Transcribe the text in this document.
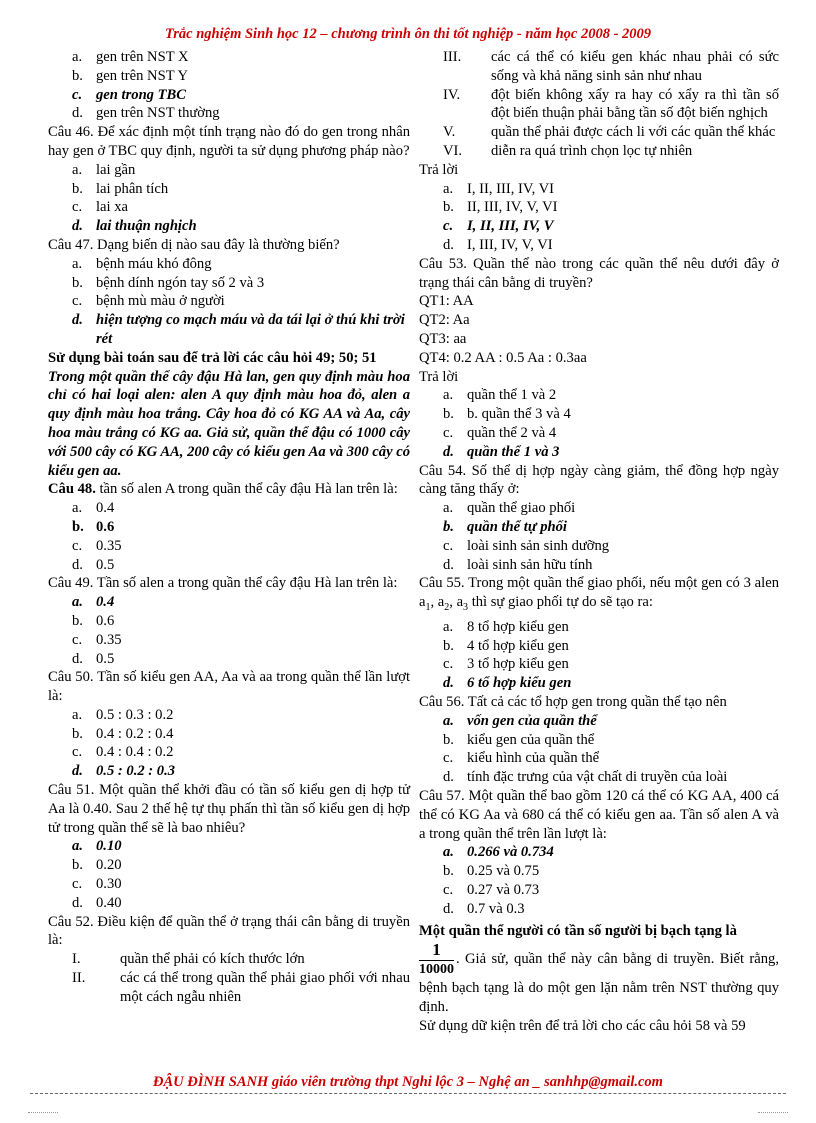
Trắc nghiệm Sinh học 12 – chương trình ôn thi tốt nghiệp - năm học 2008 - 2009
a. gen trên NST X
b. gen trên NST Y
c. gen trong TBC
d. gen trên NST thường

Câu 46. Để xác định một tính trạng nào đó do gen trong nhân hay gen ở TBC quy định, người ta sử dụng phương pháp nào?

a. lai gần
b. lai phân tích
c. lai xa
d. lai thuận nghịch

Câu 47. Dạng biến dị nào sau đây là thường biến?

a. bệnh máu khó đông
b. bệnh dính ngón tay số 2 và 3
c. bệnh mù màu ở người
d. hiện tượng co mạch máu và da tái lại ở thú khi trời rét

Sử dụng bài toán sau để trả lời các câu hỏi 49; 50; 51

Trong một quần thể cây đậu Hà lan, gen quy định màu hoa chỉ có hai loại alen: alen A quy định màu hoa đỏ, alen a quy định màu hoa trắng. Cây hoa đỏ có KG AA và Aa, cây hoa màu trắng có KG aa. Giả sử, quần thể đậu có 1000 cây với 500 cây có KG AA, 200 cây có kiểu gen Aa và 300 cây có kiểu gen aa.

Câu 48. tần số alen A trong quần thể cây đậu Hà lan trên là:

a. 0.4
b. 0.6
c. 0.35
d. 0.5

Câu 49. Tần số alen a trong quần thể cây đậu Hà lan trên là:

a. 0.4
b. 0.6
c. 0.35
d. 0.5

Câu 50. Tần số kiểu gen AA, Aa và aa trong quần thể lần lượt là:

a. 0.5 : 0.3 : 0.2
b. 0.4 : 0.2 : 0.4
c. 0.4 : 0.4 : 0.2
d. 0.5 : 0.2 : 0.3

Câu 51. Một quần thể khởi đầu có tần số kiểu gen dị hợp tử Aa là 0.40. Sau 2 thế hệ tự thụ phấn thì tần số kiểu gen dị hợp tử trong quần thể sẽ là bao nhiêu?

a. 0.10
b. 0.20
c. 0.30
d. 0.40

Câu 52. Điều kiện để quần thể ở trạng thái cân bằng di truyền là:

I.	quần thể phải có kích thước lớn
II.	các cá thể trong quần thể phải giao phối với nhau một cách ngẫu nhiên
III.	các cá thể có kiểu gen khác nhau phải có sức sống và khả năng sinh sản như nhau
IV.	đột biến không xẩy ra hay có xẩy ra thì tần số đột biến thuận phải bằng tần số đột biến nghịch
V.	quần thể phải được cách li với các quần thể khác
VI.	diễn ra quá trình chọn lọc tự nhiên

Trả lời

a. I, II, III, IV, VI
b. II, III, IV, V, VI
c. I, II, III, IV, V
d. I, III, IV, V, VI

Câu 53. Quần thể nào trong các quần thể nêu dưới đây ở trạng thái cân bằng di truyền?

QT1: AA

QT2: Aa

QT3: aa

QT4: 0.2 AA : 0.5 Aa : 0.3aa

Trả lời

a. quần thể 1 và 2
b. b. quần thể 3 và 4
c. quần thể 2 và 4
d. quần thể 1 và 3

Câu 54. Số thể dị hợp ngày càng giảm, thể đồng hợp ngày càng tăng thấy ở:

a. quần thể giao phối
b. quần thể tự phối
c. loài sinh sản sinh dưỡng
d. loài sinh sản hữu tính

Câu 55. Trong một quần thể giao phối, nếu một gen có 3 alen $a_1$, $a_2$, $a_3$ thì sự giao phối tự do sẽ tạo ra:

a. 8 tổ hợp kiểu gen
b. 4 tổ hợp kiểu gen
c. 3 tổ hợp kiểu gen
d. 6 tổ hợp kiểu gen

Câu 56. Tất cả các tổ hợp gen trong quần thể tạo nên

a. vốn gen của quần thể
b. kiểu gen của quần thể
c. kiểu hình của quần thể
d. tính đặc trưng của vật chất di truyền của loài

Câu 57. Một quần thể bao gồm 120 cá thể có KG AA, 400 cá thể có KG Aa và 680 cá thể có kiểu gen aa. Tần số alen A và a trong quần thể trên lần lượt là:

a. 0.266 và 0.734
b. 0.25 và 0.75
c. 0.27 và 0.73
d. 0.7 và 0.3

Một quần thể người có tần số người bị bạch tạng là

$\frac{1}{10000}$ . Giả sử, quần thể này cân bằng di truyền. Biết rằng, bệnh bạch tạng là do một gen lặn nằm trên NST thường quy định.

Sử dụng dữ kiện trên để trả lời cho các câu hỏi 58 và 59

ĐẬU ĐÌNH SANH giáo viên trường thpt Nghi lộc 3 – Nghệ an _ sanhhp@gmail.com
